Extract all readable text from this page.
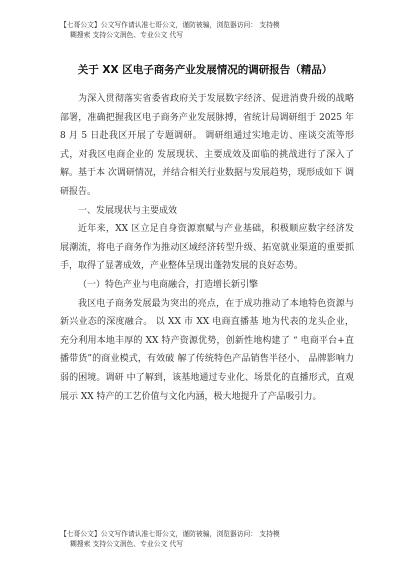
【七哥公文】公文写作请认准七哥公文，谨防被骗，浏览器访问： 支持模
糊搜索 支持公文润色、专业公文 代写
关于 XX 区电子商务产业发展情况的调研报告（精品）

为深入贯彻落实省委省政府关于发展数字经济、促进消费升级的战略部署，准确把握我区电子商务产业发展脉搏，省统计局调研组于 2025 年 8 月 5 日赴我区开展了专题调研。 调研组通过实地走访、座谈交流等形式，对我区电商企业的 发展现状、主要成效及面临的挑战进行了深入了解。基于本 次调研情况，并结合相关行业数据与发展趋势，现形成如下 调研报告。

一、发展现状与主要成效

近年来，XX 区立足自身资源禀赋与产业基础，积极顺应数字经济发展潮流，将电子商务作为推动区域经济转型升级、拓宽就业渠道的重要抓手，取得了显著成效，产业整体呈现出蓬勃发展的良好态势。

（一）特色产业与电商融合，打造增长新引擎

我区电子商务发展最为突出的亮点，在于成功推动了本地特色资源与新兴业态的深度融合。 以 XX 市 XX 电商直播基 地为代表的龙头企业，充分利用本地丰厚的 XX 特产资源优势，创新性地构建了 “ 电商平台+直播带货”的商业模式，有效破 解了传统特色产品销售半径小、 品牌影响力弱的困境。调研 中了解到，该基地通过专业化、场景化的直播形式，直观展示 XX 特产的工艺价值与文化内涵，极大地提升了产品吸引力。

【七哥公文】公文写作请认准七哥公文，谨防被骗，浏览器访问： 支持模
糊搜索 支持公文润色、专业公文 代写
